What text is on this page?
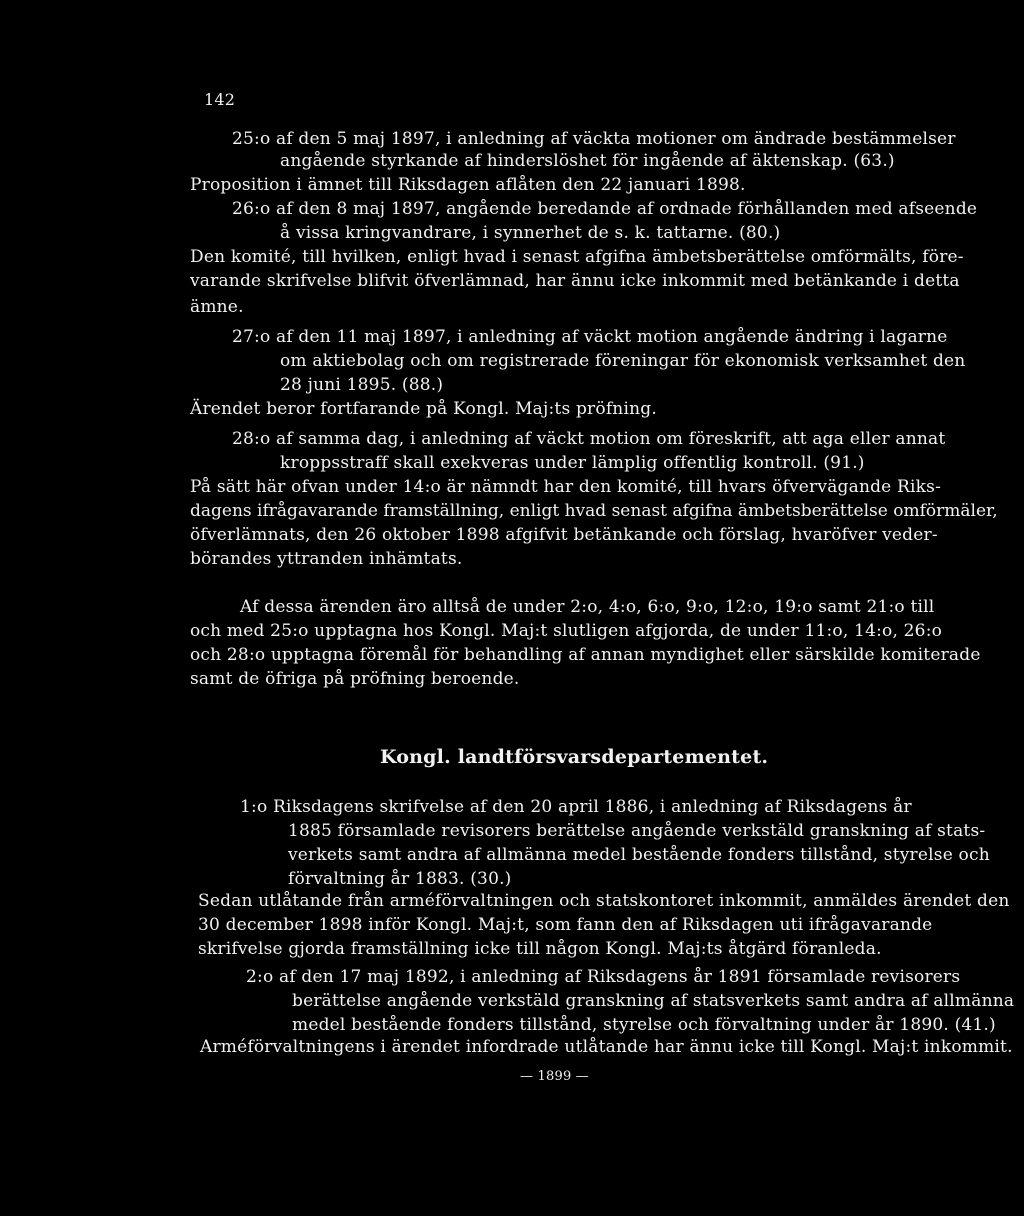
142
25:o af den 5 maj 1897, i anledning af väckta motioner om ändrade bestämmelser
angående styrkande af hinderslöshet för ingående af äktenskap. (63.)
Proposition i ämnet till Riksdagen aflåten den 22 januari 1898.
26:o af den 8 maj 1897, angående beredande af ordnade förhållanden med afseende
å vissa kringvandrare, i synnerhet de s. k. tattarne. (80.)
Den komité, till hvilken, enligt hvad i senast afgifna ämbetsberättelse omförmälts, före-
varande skrifvelse blifvit öfverlämnad, har ännu icke inkommit med betänkande i detta
ämne.
27:o af den 11 maj 1897, i anledning af väckt motion angående ändring i lagarne
om aktiebolag och om registrerade föreningar för ekonomisk verksamhet den
28 juni 1895. (88.)
Ärendet beror fortfarande på Kongl. Maj:ts pröfning.
28:o af samma dag, i anledning af väckt motion om föreskrift, att aga eller annat
kroppsstraff skall exekveras under lämplig offentlig kontroll. (91.)
På sätt här ofvan under 14:o är nämndt har den komité, till hvars öfvervägande Riks-
dagens ifrågavarande framställning, enligt hvad senast afgifna ämbetsberättelse omförmäler,
öfverlämnats, den 26 oktober 1898 afgifvit betänkande och förslag, hvaröfver veder-
börandes yttranden inhämtats.
Af dessa ärenden äro alltså de under 2:o, 4:o, 6:o, 9:o, 12:o, 19:o samt 21:o till
och med 25:o upptagna hos Kongl. Maj:t slutligen afgjorda, de under 11:o, 14:o, 26:o
och 28:o upptagna föremål för behandling af annan myndighet eller särskilde komiterade
samt de öfriga på pröfning beroende.
Kongl. landtförsvarsdepartementet.
1:o Riksdagens skrifvelse af den 20 april 1886, i anledning af Riksdagens år
1885 församlade revisorers berättelse angående verkstäld granskning af stats-
verkets samt andra af allmänna medel bestående fonders tillstånd, styrelse och
förvaltning år 1883. (30.)
Sedan utlåtande från arméförvaltningen och statskontoret inkommit, anmäldes ärendet den
30 december 1898 inför Kongl. Maj:t, som fann den af Riksdagen uti ifrågavarande
skrifvelse gjorda framställning icke till någon Kongl. Maj:ts åtgärd föranleda.
2:o af den 17 maj 1892, i anledning af Riksdagens år 1891 församlade revisorers
berättelse angående verkstäld granskning af statsverkets samt andra af allmänna
medel bestående fonders tillstånd, styrelse och förvaltning under år 1890. (41.)
Arméförvaltningens i ärendet infordrade utlåtande har ännu icke till Kongl. Maj:t inkommit.
— 1899 —
